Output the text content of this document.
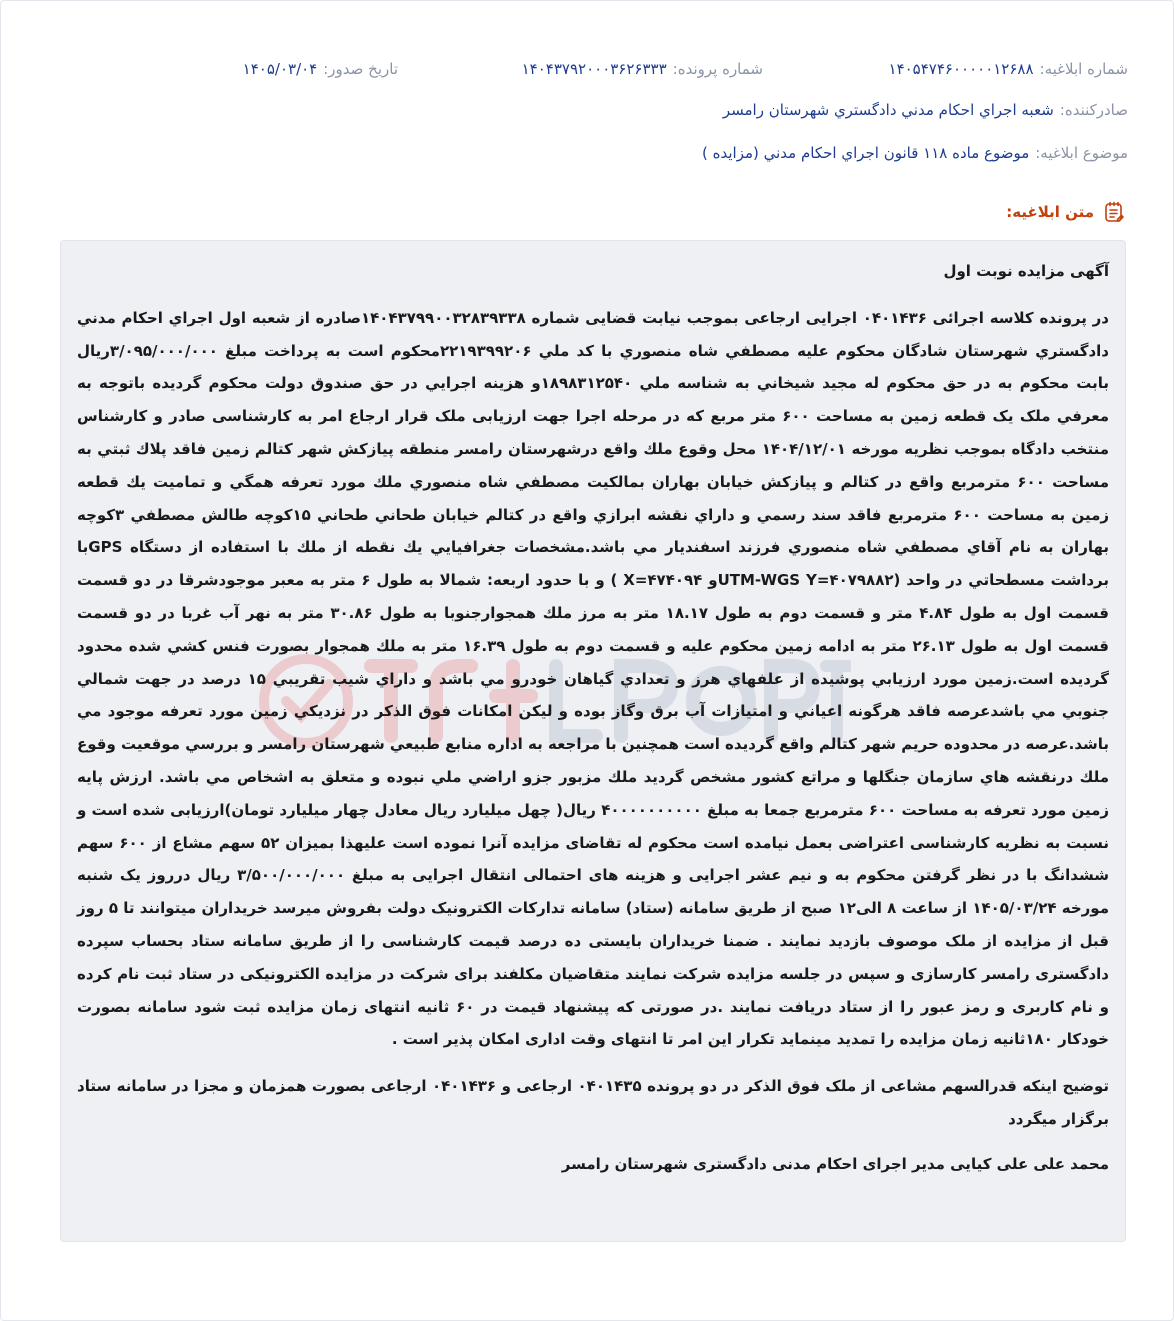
شماره ابلاغیه:
۱۴۰۵۴۷۴۶۰۰۰۰۰۱۲۶۸۸
شماره پرونده:
۱۴۰۴۳۷۹۲۰۰۰۳۶۲۶۳۳۳
تاریخ صدور:
۱۴۰۵/۰۳/۰۴
صادرکننده:
شعبه اجراي احكام مدني دادگستري شهرستان رامسر
موضوع ابلاغیه:
موضوع ماده ۱۱۸ قانون اجراي احكام مدني (مزايده )
متن ابلاغیه:

آگهی مزایده نوبت اول

در پرونده کلاسه اجرائی ۰۴۰۱۴۳۶ اجرایی ارجاعی بموجب نیابت قضایی شماره ۱۴۰۴۳۷۹۹۰۰۳۲۸۳۹۳۳۸صادره از شعبه اول اجراي احكام مدني دادگستري شهرستان شادگان محكوم عليه مصطفي شاه منصوري با كد ملي ۲۲۱۹۳۹۹۲۰۶محكوم است به پرداخت مبلغ ۳/۰۹۵/۰۰۰/۰۰۰ريال بابت محكوم به در حق محكوم له مجيد شيخاني به شناسه ملي ۱۸۹۸۳۱۲۵۴۰و هزينه اجرايي در حق صندوق دولت محکوم گردیده باتوجه به معرفي ملک يک قطعه زمين به مساحت ۶۰۰ متر مربع که در مرحله اجرا جهت ارزیابی ملک قرار ارجاع امر به کارشناسی صادر و کارشناس منتخب دادگاه بموجب نظريه مورخه ۱۴۰۴/۱۲/۰۱ محل وقوع ملك واقع درشهرستان رامسر منطقه پيازكش شهر كتالم زمين فاقد پلاك ثبتي به مساحت ۶۰۰ مترمربع واقع در كتالم و پيازكش خيابان بهاران بمالكيت مصطفي شاه منصوري ملك مورد تعرفه همگي و تماميت يك قطعه زمين به مساحت ۶۰۰ مترمربع فاقد سند رسمي و داراي نقشه ابرازي واقع در كتالم خيابان طحاني طحاني ۱۵كوچه طالش مصطفي ۳كوچه بهاران به نام آقاي مصطفي شاه منصوري فرزند اسفنديار مي باشد.مشخصات جغرافيايي يك نقطه از ملك با استفاده از دستگاه GPSبا برداشت مسطحاتي در واحد (UTM-WGS Y=۴۰۷۹۸۸۲و X=۴۷۴۰۹۴ ) و با حدود اربعه: شمالا به طول ۶ متر به معبر موجودشرقا در دو قسمت قسمت اول به طول ۴.۸۴ متر و قسمت دوم به طول ۱۸.۱۷ متر به مرز ملك همجوارجنوبا به طول ۳۰.۸۶ متر به نهر آب غربا در دو قسمت قسمت اول به طول ۲۶.۱۳ متر به ادامه زمین محکوم علیه و قسمت دوم به طول ۱۶.۳۹ متر به ملك همجوار بصورت فنس كشي شده محدود گرديده است.زمين مورد ارزيابي پوشيده از علفهاي هرز و تعدادي گياهان خودرو مي باشد و داراي شيب تقريبي ۱۵ درصد در جهت شمالي جنوبي مي باشدعرصه فاقد هرگونه اعياني و امتيازات آب برق وگاز بوده و ليكن امكانات فوق الذكر در نزديكي زمين مورد تعرفه موجود مي باشد.عرصه در محدوده حريم شهر كتالم واقع گرديده است همچنين با مراجعه به اداره منابع طبيعي شهرستان رامسر و بررسي موقعيت وقوع ملك درنقشه هاي سازمان جنگلها و مراتع كشور مشخص گرديد ملك مزبور جزو اراضي ملي نبوده و متعلق به اشخاص مي باشد. ارزش پايه زمين مورد تعرفه به مساحت ۶۰۰ مترمربع جمعا به مبلغ ۴۰۰۰۰۰۰۰۰۰۰ ريال( چهل ميليارد ريال معادل چهار ميليارد تومان)ارزیابی شده است و نسبت به نظریه کارشناسی اعتراضی بعمل نیامده است محکوم له تقاضای مزایده آنرا نموده است علیهذا بمیزان ۵۲ سهم مشاع از ۶۰۰ سهم ششدانگ با در نظر گرفتن محکوم به و نیم عشر اجرایی و هزینه های احتمالی انتقال اجرایی به مبلغ ۳/۵۰۰/۰۰۰/۰۰۰ ريال درروز یک شنبه مورخه ۱۴۰۵/۰۳/۲۴ از ساعت ۸ الی۱۲ صبح از طریق سامانه (ستاد) سامانه تدارکات الکترونیک دولت بفروش میرسد خریداران میتوانند تا ۵ روز قبل از مزایده از ملک موصوف بازدید نمایند . ضمنا خریداران بایستی ده درصد قیمت کارشناسی را از طریق سامانه ستاد بحساب سپرده دادگستری رامسر کارسازی و سپس در جلسه مزایده شرکت نمایند متقاضیان مکلفند برای شرکت در مزایده الکترونیکی در ستاد ثبت نام کرده و نام کاربری و رمز عبور را از ستاد دریافت نمایند .در صورتی که پیشنهاد قیمت در ۶۰ ثانیه انتهای زمان مزایده ثبت شود سامانه بصورت خودکار ۱۸۰ثانیه زمان مزایده را تمدید مینماید تکرار این امر تا انتهای وقت اداری امکان پذیر است .

توضیح اینکه قدرالسهم مشاعی از ملک فوق الذکر در دو پرونده ۰۴۰۱۴۳۵ ارجاعی و ۰۴۰۱۴۳۶ ارجاعی بصورت همزمان و مجزا در سامانه ستاد برگزار میگردد

محمد علی علی کیایی مدیر اجرای احکام مدنی دادگستری شهرستان رامسر
